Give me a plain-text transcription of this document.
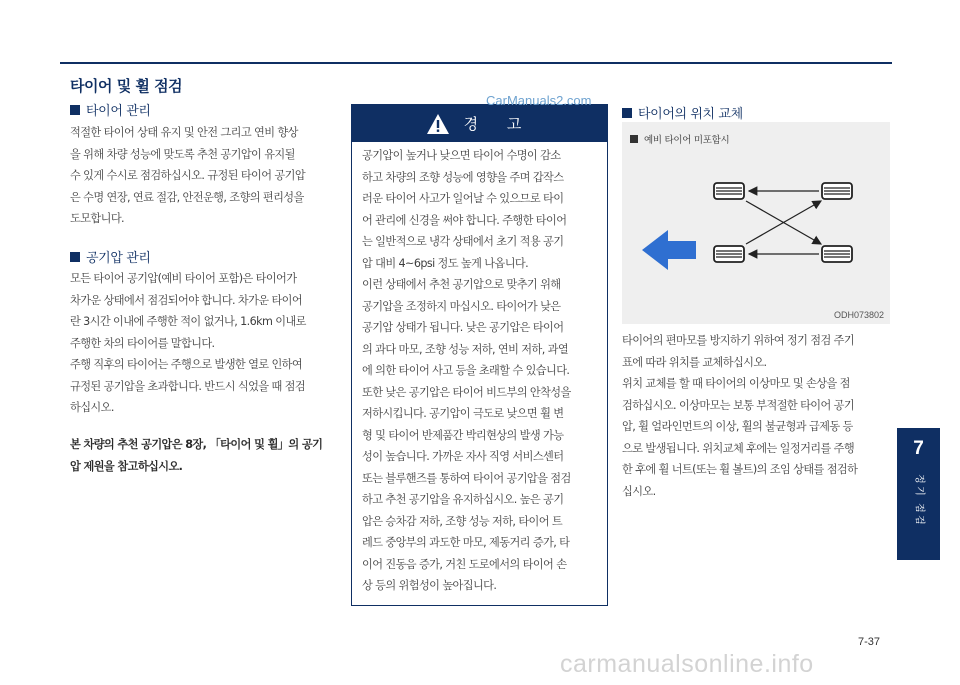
타이어 및 휠 점검
타이어 관리
적절한 타이어 상태 유지 및 안전 그리고 연비 향상
을 위해 차량 성능에 맞도록 추천 공기압이 유지될
수 있게 수시로 점검하십시오. 규정된 타이어 공기압
은 수명 연장, 연료 절감, 안전운행, 조향의 편리성을
도모합니다.
공기압 관리
모든 타이어 공기압(예비 타이어 포함)은 타이어가
차가운 상태에서 점검되어야 합니다. 차가운 타이어
란 3시간 이내에 주행한 적이 없거나, 1.6km 이내로
주행한 차의 타이어를 말합니다.
주행 직후의 타이어는 주행으로 발생한 열로 인하여
규정된 공기압을 초과합니다. 반드시 식었을 때 점검
하십시오.
본 차량의 추천 공기압은 8장, 「타이어 및 휠」의 공기
압 제원을 참고하십시오.
경 고
공기압이 높거나 낮으면 타이어 수명이 감소
하고 차량의 조향 성능에 영향을 주며 갑작스
러운 타이어 사고가 일어날 수 있으므로 타이
어 관리에 신경을 써야 합니다. 주행한 타이어
는 일반적으로 냉각 상태에서 초기 적용 공기
압 대비 4~6psi 정도 높게 나옵니다.
이런 상태에서 추천 공기압으로 맞추기 위해
공기압을 조정하지 마십시오. 타이어가 낮은
공기압 상태가 됩니다. 낮은 공기압은 타이어
의 과다 마모, 조향 성능 저하, 연비 저하, 과열
에 의한 타이어 사고 등을 초래할 수 있습니다.
또한 낮은 공기압은 타이어 비드부의 안착성을
저하시킵니다. 공기압이 극도로 낮으면 휠 변
형 및 타이어 반제품간 박리현상의 발생 가능
성이 높습니다. 가까운 자사 직영 서비스센터
또는 블루핸즈를 통하여 타이어 공기압을 점검
하고 추천 공기압을 유지하십시오. 높은 공기
압은 승차감 저하, 조향 성능 저하, 타이어 트
레드 중앙부의 과도한 마모, 제동거리 증가, 타
이어 진동음 증가, 거친 도로에서의 타이어 손
상 등의 위험성이 높아집니다.
CarManuals2.com
타이어의 위치 교체
예비 타이어 미포함시
ODH073802
타이어의 편마모를 방지하기 위하여 정기 점검 주기
표에 따라 위치를 교체하십시오.
위치 교체를 할 때 타이어의 이상마모 및 손상을 점
검하십시오. 이상마모는 보통 부적절한 타이어 공기
압, 휠 얼라인먼트의 이상, 휠의 불균형과 급제동 등
으로 발생됩니다. 위치교체 후에는 일정거리를 주행
한 후에 휠 너트(또는 휠 볼트)의 조임 상태를 점검하
십시오.
7
정
기
점
검
7-37
carmanualsonline.info
